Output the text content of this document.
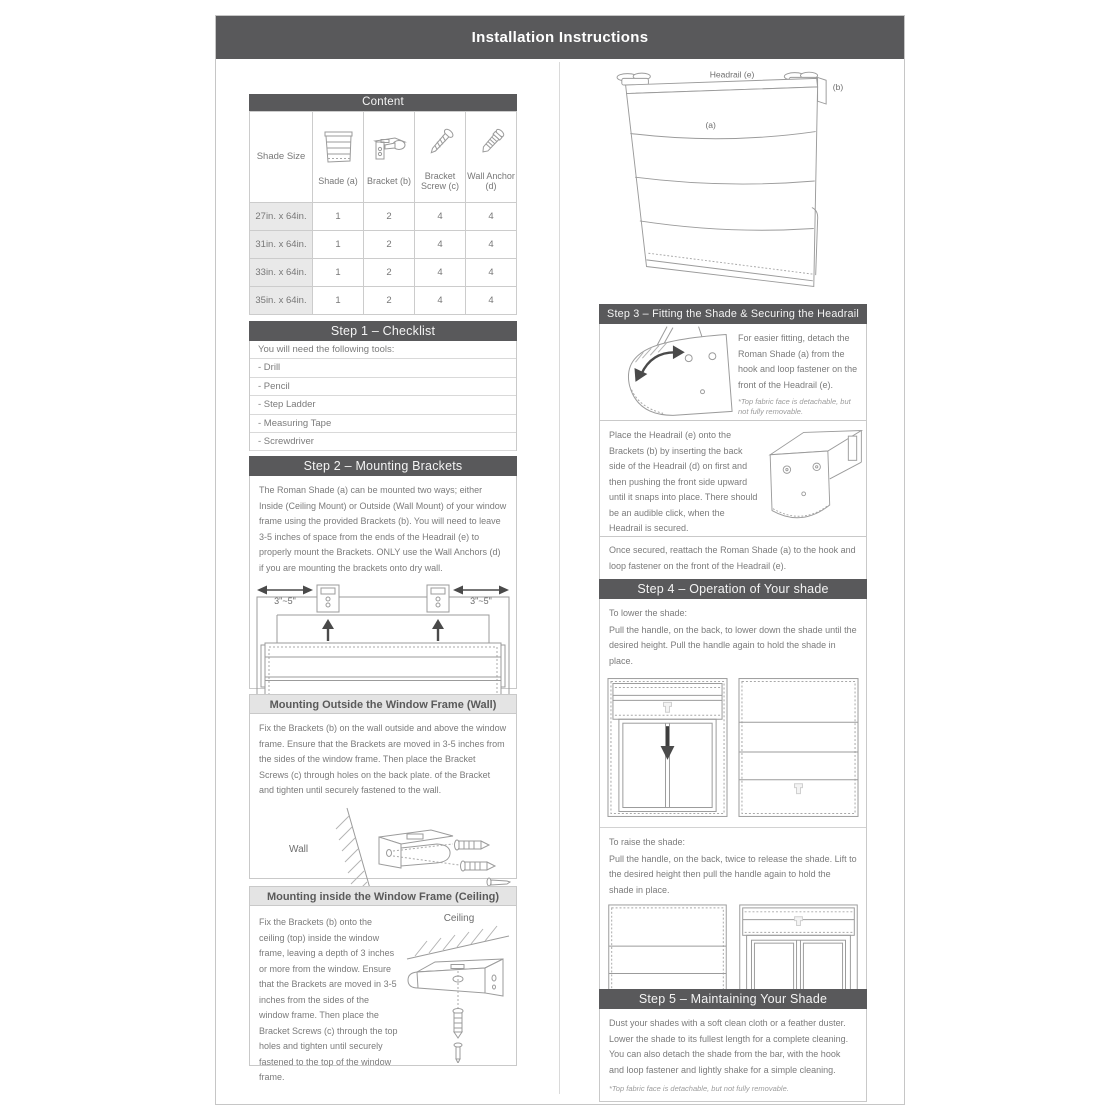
Installation Instructions
Content
Shade Size	Shade (a)	Bracket (b)	Bracket Screw (c)	Wall Anchor (d)

27in. x 64in.	1	2	4	4
31in. x 64in.	1	2	4	4
33in. x 64in.	1	2	4	4
35in. x 64in.	1	2	4	4
Step 1 – Checklist
You will need the following tools:
- Drill
- Pencil
- Step Ladder
- Measuring Tape
- Screwdriver
Step 2 – Mounting Brackets
The Roman Shade (a) can be mounted two ways; either Inside (Ceiling Mount) or Outside (Wall Mount) of your window frame using the provided Brackets (b). You will need to leave 3-5 inches of space from the ends of the Headrail (e) to properly mount the Brackets. ONLY use the Wall Anchors (d) if you are mounting the brackets onto dry wall.
3"~5"	3"~5"
Mounting Outside the Window Frame (Wall)
Fix the Brackets (b) on the wall outside and above the window frame. Ensure that the Brackets are moved in 3-5 inches from the sides of the window frame. Then place the Bracket Screws (c) through holes on the back plate. of the Bracket and tighten until securely fastened to the wall.
Wall
Mounting inside the Window Frame (Ceiling)
Fix the Brackets (b) onto the ceiling (top) inside the window frame, leaving a depth of 3 inches or more from the window. Ensure that the Brackets are moved in 3-5 inches from the sides of the window frame. Then place the Bracket Screws (c) through the top holes and tighten until securely fastened to the top of the window frame.
Ceiling
Headrail (e)
(b)
(a)
Step 3 – Fitting the Shade & Securing the Headrail
For easier fitting, detach the Roman Shade (a) from the hook and loop fastener on the front of the Headrail (e).
*Top fabric face is detachable, but not fully removable.
Place the Headrail (e) onto the Brackets (b) by inserting the back side of the Headrail (d) on first and then pushing the front side upward until it snaps into place. There should be an audible click, when the Headrail is secured.
Once secured, reattach the Roman Shade (a) to the hook and loop fastener on the front of the Headrail (e).
Step 4 – Operation of Your shade
To lower the shade:
Pull the handle, on the back, to lower down the shade until the desired height. Pull the handle again to hold the shade in place.
To raise the shade:
Pull the handle, on the back, twice to release the shade. Lift to the desired height then pull the handle again to hold the shade in place.
Step 5 – Maintaining Your Shade
Dust your shades with a soft clean cloth or a feather duster. Lower the shade to its fullest length for a complete cleaning. You can also detach the shade from the bar, with the hook and loop fastener and lightly shake for a simple cleaning.
*Top fabric face is detachable, but not fully removable.
